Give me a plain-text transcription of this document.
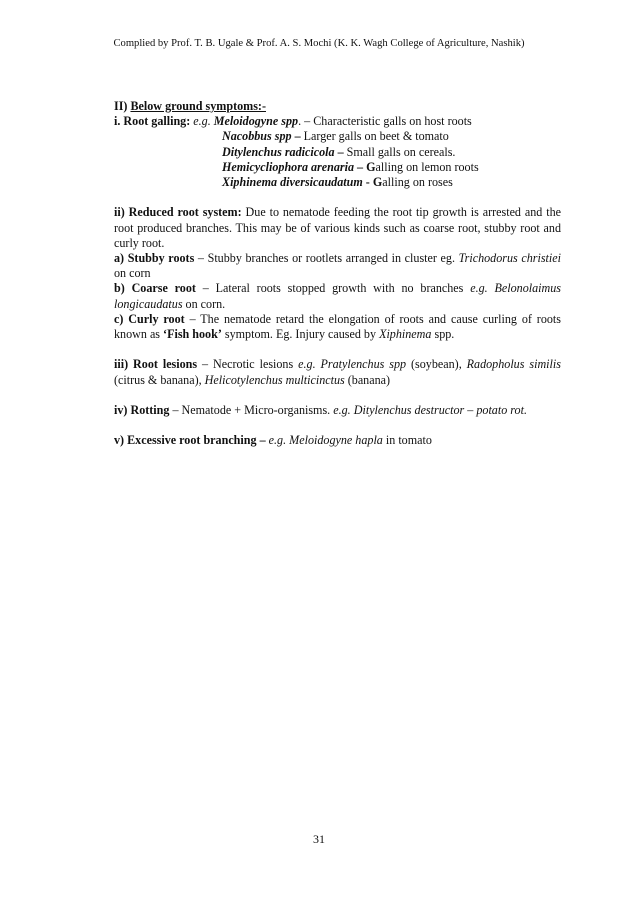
Complied by Prof. T. B. Ugale & Prof. A. S. Mochi (K. K. Wagh College of Agriculture, Nashik)

II) Below ground symptoms:-

i. Root galling: e.g. Meloidogyne spp. – Characteristic galls on host roots

Nacobbus spp – Larger galls on beet & tomato

Ditylenchus radicicola – Small galls on cereals.

Hemicycliophora arenaria – Galling on lemon roots

Xiphinema diversicaudatum - Galling on roses

ii) Reduced root system: Due to nematode feeding the root tip growth is arrested and the root produced branches. This may be of various kinds such as coarse root, stubby root and curly root.

a) Stubby roots – Stubby branches or rootlets arranged in cluster eg. Trichodorus christiei on corn

b) Coarse root – Lateral roots stopped growth with no branches e.g. Belonolaimus longicaudatus on corn.

c) Curly root – The nematode retard the elongation of roots and cause curling of roots known as ‘Fish hook’ symptom. Eg. Injury caused by Xiphinema spp.

iii) Root lesions – Necrotic lesions e.g. Pratylenchus spp (soybean), Radopholus similis (citrus & banana), Helicotylenchus multicinctus (banana)

iv) Rotting – Nematode + Micro-organisms. e.g. Ditylenchus destructor – potato rot.

v) Excessive root branching – e.g. Meloidogyne hapla in tomato

31
